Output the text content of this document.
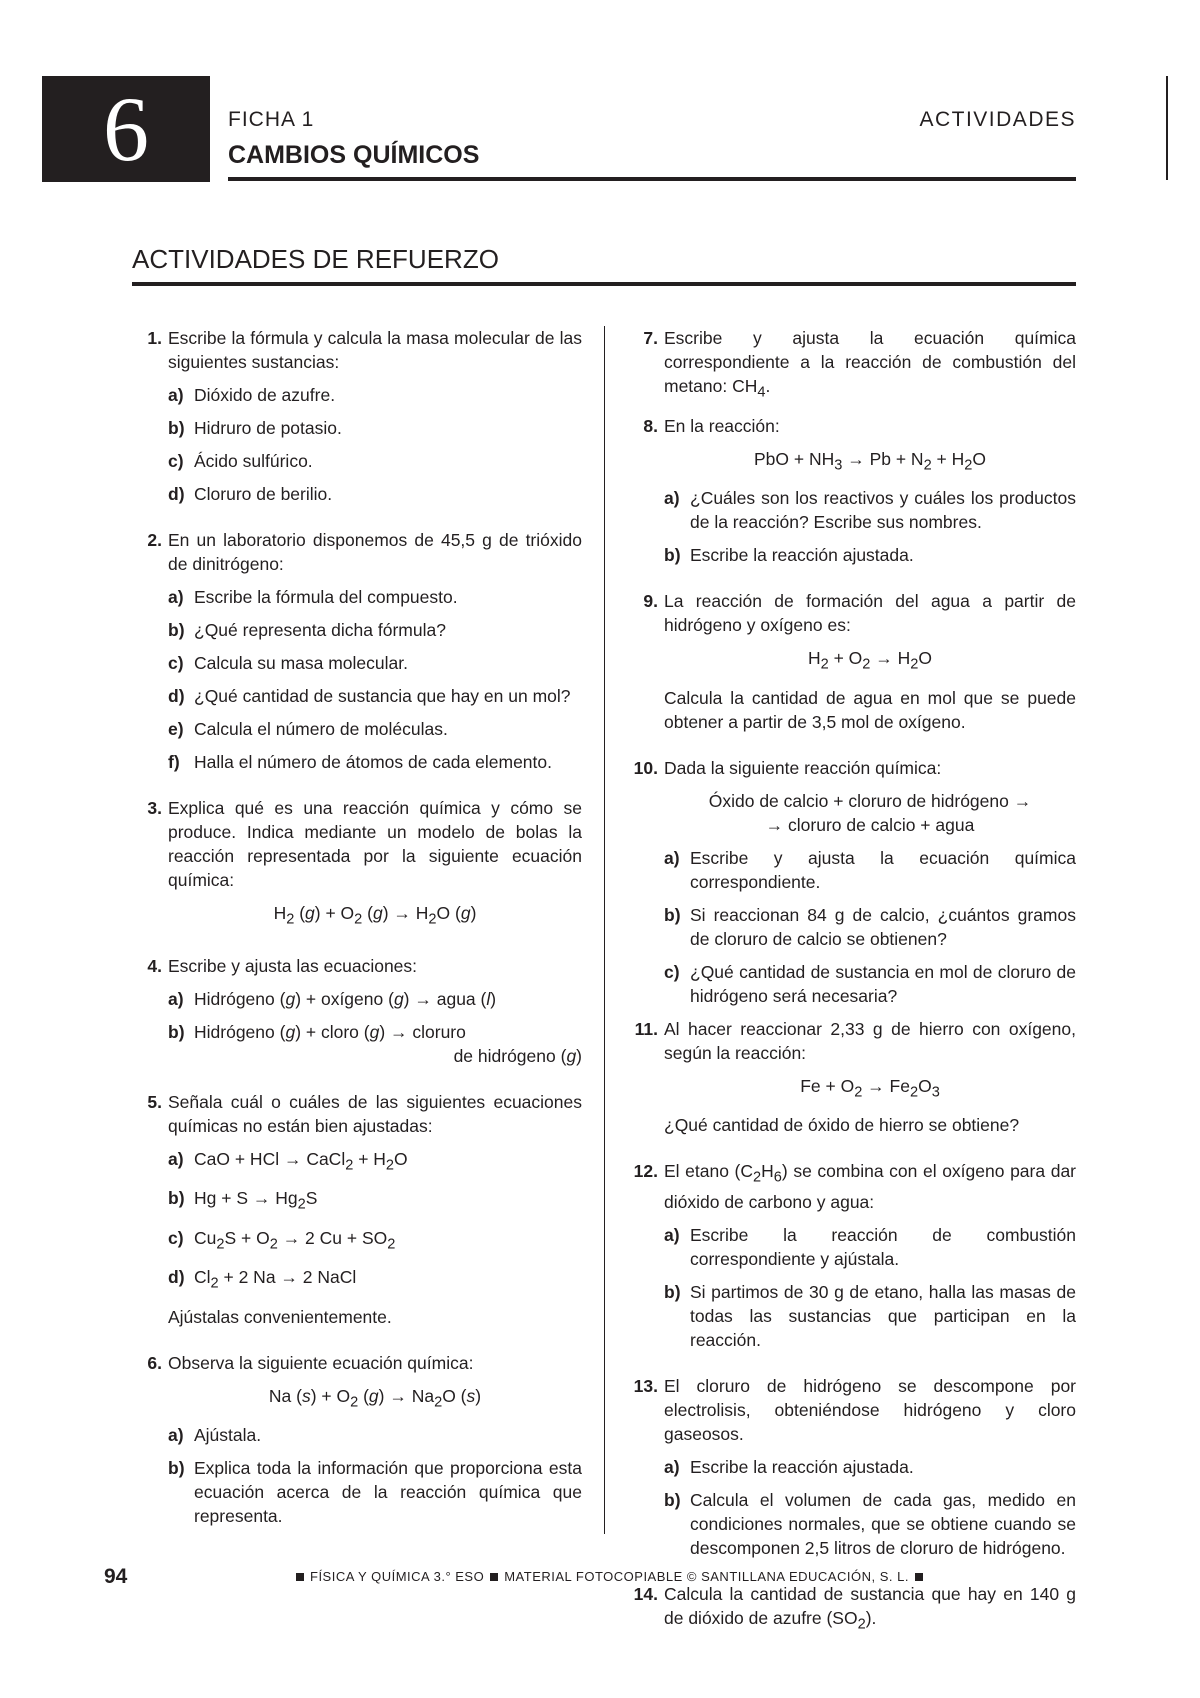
6	FICHA 1	ACTIVIDADES
CAMBIOS QUÍMICOS
ACTIVIDADES DE REFUERZO
1. Escribe la fórmula y calcula la masa molecular de las siguientes sustancias:

a) Dióxido de azufre.

b) Hidruro de potasio.

c) Ácido sulfúrico.

d) Cloruro de berilio.

2. En un laboratorio disponemos de 45,5 g de trióxido de dinitrógeno:

a) Escribe la fórmula del compuesto.

b) ¿Qué representa dicha fórmula?

c) Calcula su masa molecular.

d) ¿Qué cantidad de sustancia que hay en un mol?

e) Calcula el número de moléculas.

f) Halla el número de átomos de cada elemento.

3. Explica qué es una reacción química y cómo se produce. Indica mediante un modelo de bolas la reacción representada por la siguiente ecuación química:

$H_2$ $(g) + O_2$ $(g) \to H_2O$ (g)

4. Escribe y ajusta las ecuaciones:

a) Hidrógeno (g) + oxígeno (g) → agua (l)

b) Hidrógeno (g) + cloro (g) → cloruro

de hidrógeno (g)

5. Señala cuál o cuáles de las siguientes ecuaciones químicas no están bien ajustadas:

a) CaO + HCl → CaCl$_2$ + $H_2O$

b) $Hg + S \to Hg_2S$

c) $Cu_2S + O_2 \to 2$ $Cu + SO_2$

d) $Cl_2 + 2$ Na → 2 NaCl

Ajústalas convenientemente.

6. Observa la siguiente ecuación química:

Na $(s) + O_2$ $(g) \to Na_2O$ (s)

a) Ajústala.

b) Explica toda la información que proporciona esta ecuación acerca de la reacción química que representa.

7. Escribe y ajusta la ecuación química correspondiente a la reacción de combustión del metano: $CH_4$.

8. En la reacción:

PbO + $NH_3 \to Pb + N_2 + H_2O$

a) ¿Cuáles son los reactivos y cuáles los productos de la reacción? Escribe sus nombres.

b) Escribe la reacción ajustada.

9. La reacción de formación del agua a partir de hidrógeno y oxígeno es:

$H_2 + O_2 \to H_2O$

Calcula la cantidad de agua en mol que se puede obtener a partir de 3,5 mol de oxígeno.

10. Dada la siguiente reacción química:

Óxido de calcio + cloruro de hidrógeno →

→ cloruro de calcio + agua

a) Escribe y ajusta la ecuación química correspondiente.

b) Si reaccionan 84 g de calcio, ¿cuántos gramos de cloruro de calcio se obtienen?

c) ¿Qué cantidad de sustancia en mol de cloruro de hidrógeno será necesaria?

11. Al hacer reaccionar 2,33 g de hierro con oxígeno, según la reacción:

$Fe + O_2 \to Fe_2O_3$

¿Qué cantidad de óxido de hierro se obtiene?

12. El etano $(C_2H_6)$ se combina con el oxígeno para dar dióxido de carbono y agua:

a) Escribe la reacción de combustión correspondiente y ajústala.

b) Si partimos de 30 g de etano, halla las masas de todas las sustancias que participan en la reacción.

13. El cloruro de hidrógeno se descompone por electrolisis, obteniéndose hidrógeno y cloro gaseosos.

a) Escribe la reacción ajustada.

b) Calcula el volumen de cada gas, medido en condiciones normales, que se obtiene cuando se descomponen 2,5 litros de cloruro de hidrógeno.

14. Calcula la cantidad de sustancia que hay en 140 g de dióxido de azufre $(SO_2)$.

94	FÍSICA Y QUÍMICA 3.° ESO MATERIAL FOTOCOPIABLE © SANTILLANA EDUCACIÓN, S. L.
